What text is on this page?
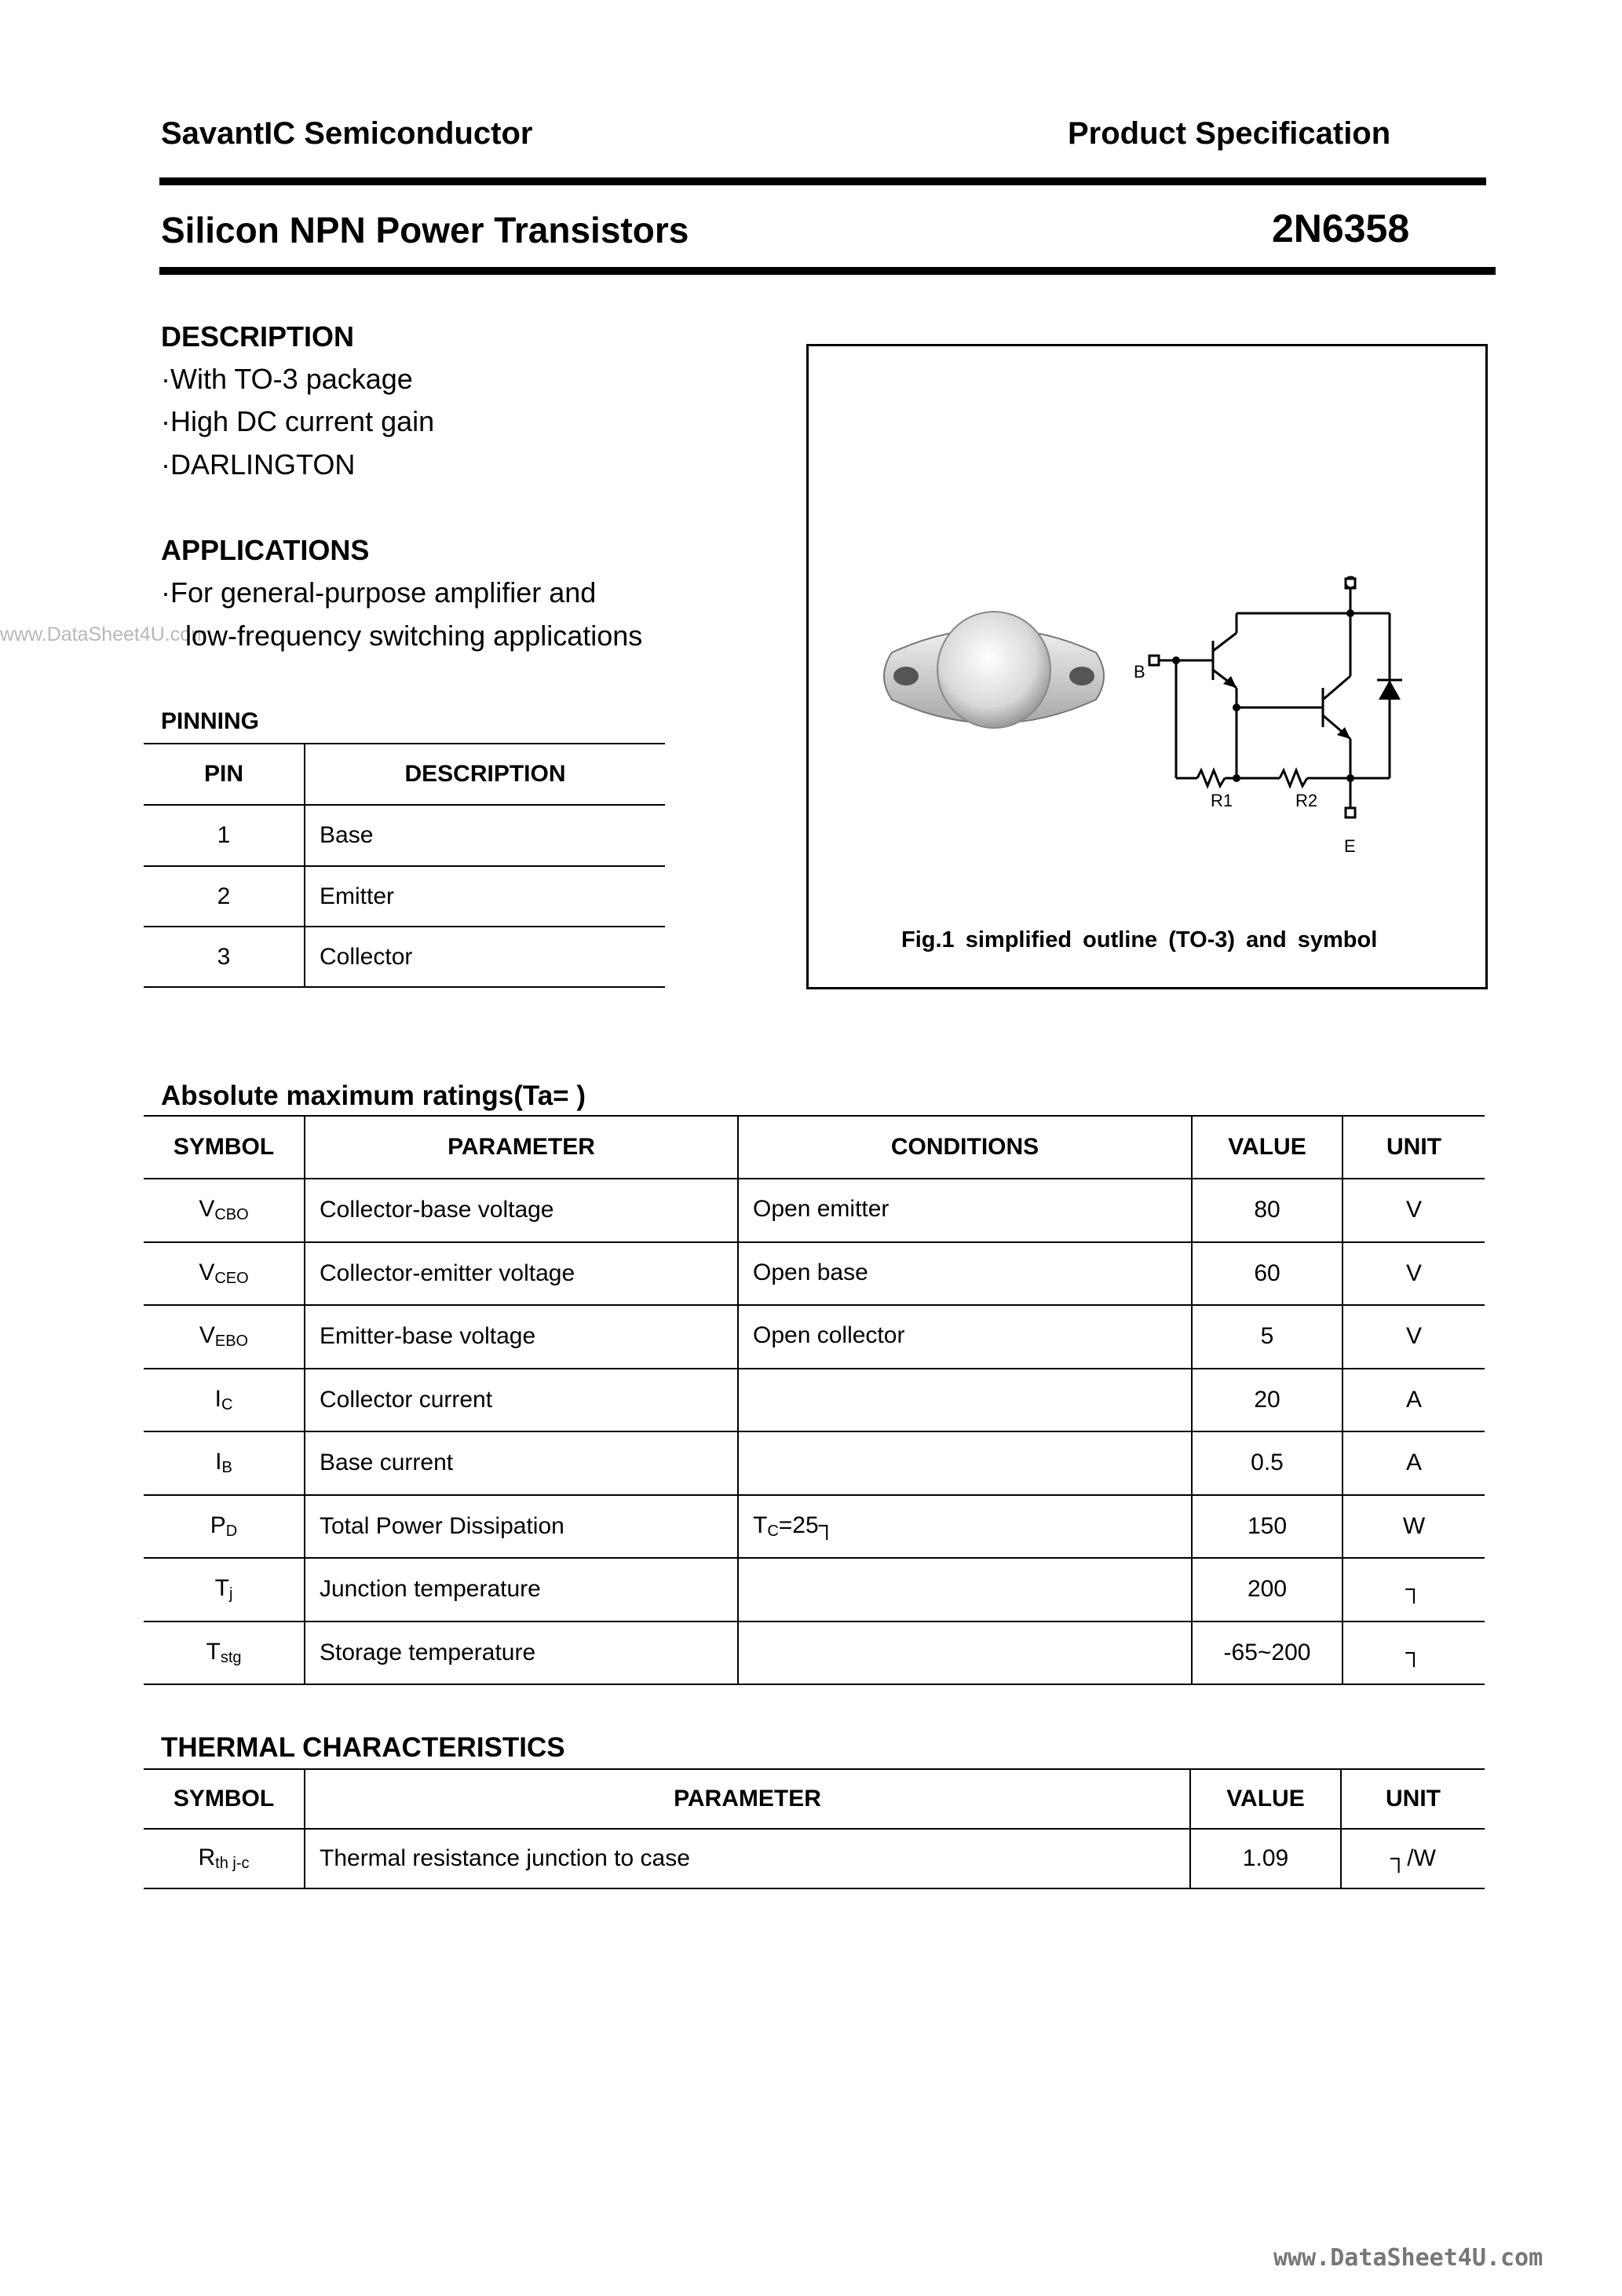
SavantIC Semiconductor	Product Specification
Silicon NPN Power Transistors	2N6358
DESCRIPTION
·With TO-3 package
·High DC current gain
·DARLINGTON
APPLICATIONS
·For general-purpose amplifier and
www.DataSheet4U.com
low-frequency switching applications
PINNING
PIN	DESCRIPTION
1	Base
2	Emitter
3	Collector
B
C
E
R1	R2
Fig.1 simplified outline (TO-3) and symbol
Absolute maximum ratings(Ta= )
SYMBOL	PARAMETER	CONDITIONS	VALUE	UNIT
$V_{CBO}$	Collector-base voltage	Open emitter	80	V
$V_{CEO}$	Collector-emitter voltage	Open base	60	V
$V_{EBO}$	Emitter-base voltage	Open collector	5	V
$I_C$	Collector current		20	A
$I_B$	Base current		0.5	A
$P_D$	Total Power Dissipation	$T_C=25┐$	150	W
$T_j$	Junction temperature		200	┐
$T_{stg}$	Storage temperature		-65~200	┐
THERMAL CHARACTERISTICS
SYMBOL	PARAMETER	VALUE	UNIT
$R_{th j-c}$	Thermal resistance junction to case	1.09	┐/W
www.DataSheet4U.com
